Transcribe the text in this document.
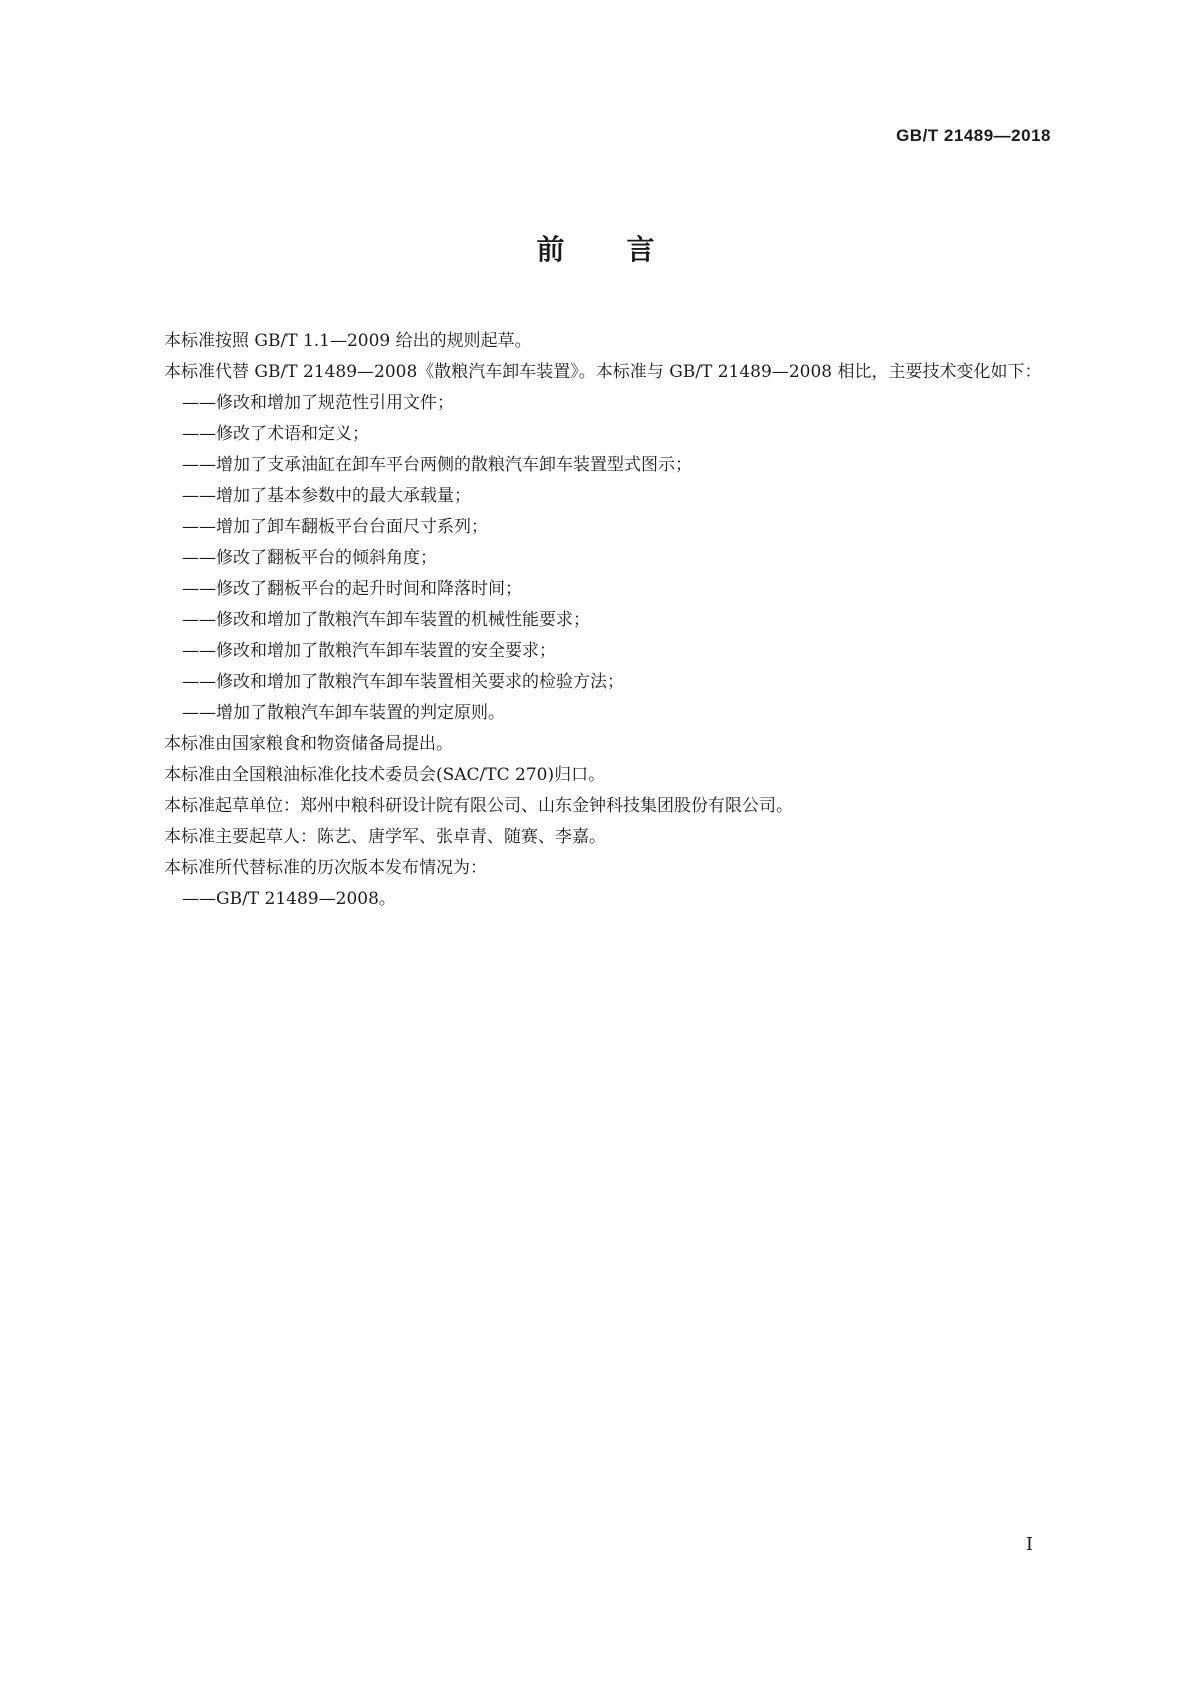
GB/T 21489—2018
前言

本标准按照 GB/T 1.1—2009 给出的规则起草。

本标准代替 GB/T 21489—2008《散粮汽车卸车装置》。本标准与 GB/T 21489—2008 相比，主要技术变化如下：

——修改和增加了规范性引用文件；
——修改了术语和定义；
——增加了支承油缸在卸车平台两侧的散粮汽车卸车装置型式图示；
——增加了基本参数中的最大承载量；
——增加了卸车翻板平台台面尺寸系列；
——修改了翻板平台的倾斜角度；
——修改了翻板平台的起升时间和降落时间；
——修改和增加了散粮汽车卸车装置的机械性能要求；
——修改和增加了散粮汽车卸车装置的安全要求；
——修改和增加了散粮汽车卸车装置相关要求的检验方法；
——增加了散粮汽车卸车装置的判定原则。

本标准由国家粮食和物资储备局提出。

本标准由全国粮油标准化技术委员会(SAC/TC 270)归口。

本标准起草单位：郑州中粮科研设计院有限公司、山东金钟科技集团股份有限公司。

本标准主要起草人：陈艺、唐学军、张卓青、随赛、李嘉。

本标准所代替标准的历次版本发布情况为：

——GB/T 21489—2008。
I
